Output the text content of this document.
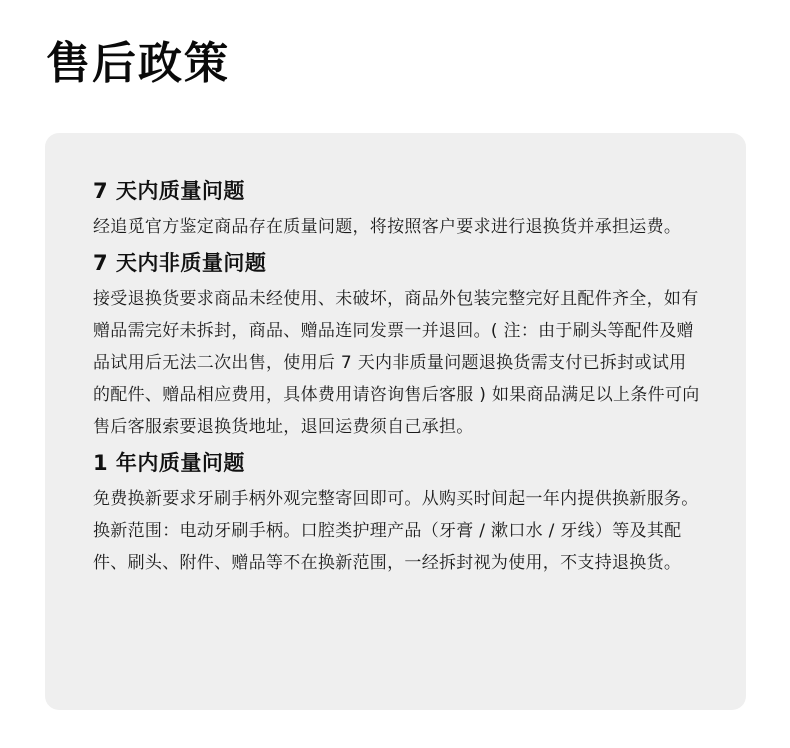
售后政策
7 天内质量问题

经追觅官方鉴定商品存在质量问题，将按照客户要求进行退换货并承担运费。

7 天内非质量问题

接受退换货要求商品未经使用、未破坏，商品外包装完整完好且配件齐全，如有赠品需完好未拆封，商品、赠品连同发票一并退回。( 注：由于刷头等配件及赠品试用后无法二次出售，使用后 7 天内非质量问题退换货需支付已拆封或试用的配件、赠品相应费用，具体费用请咨询售后客服 ) 如果商品满足以上条件可向售后客服索要退换货地址，退回运费须自己承担。

1 年内质量问题

免费换新要求牙刷手柄外观完整寄回即可。从购买时间起一年内提供换新服务。换新范围：电动牙刷手柄。口腔类护理产品（牙膏 / 漱口水 / 牙线）等及其配件、刷头、附件、赠品等不在换新范围，一经拆封视为使用，不支持退换货。
